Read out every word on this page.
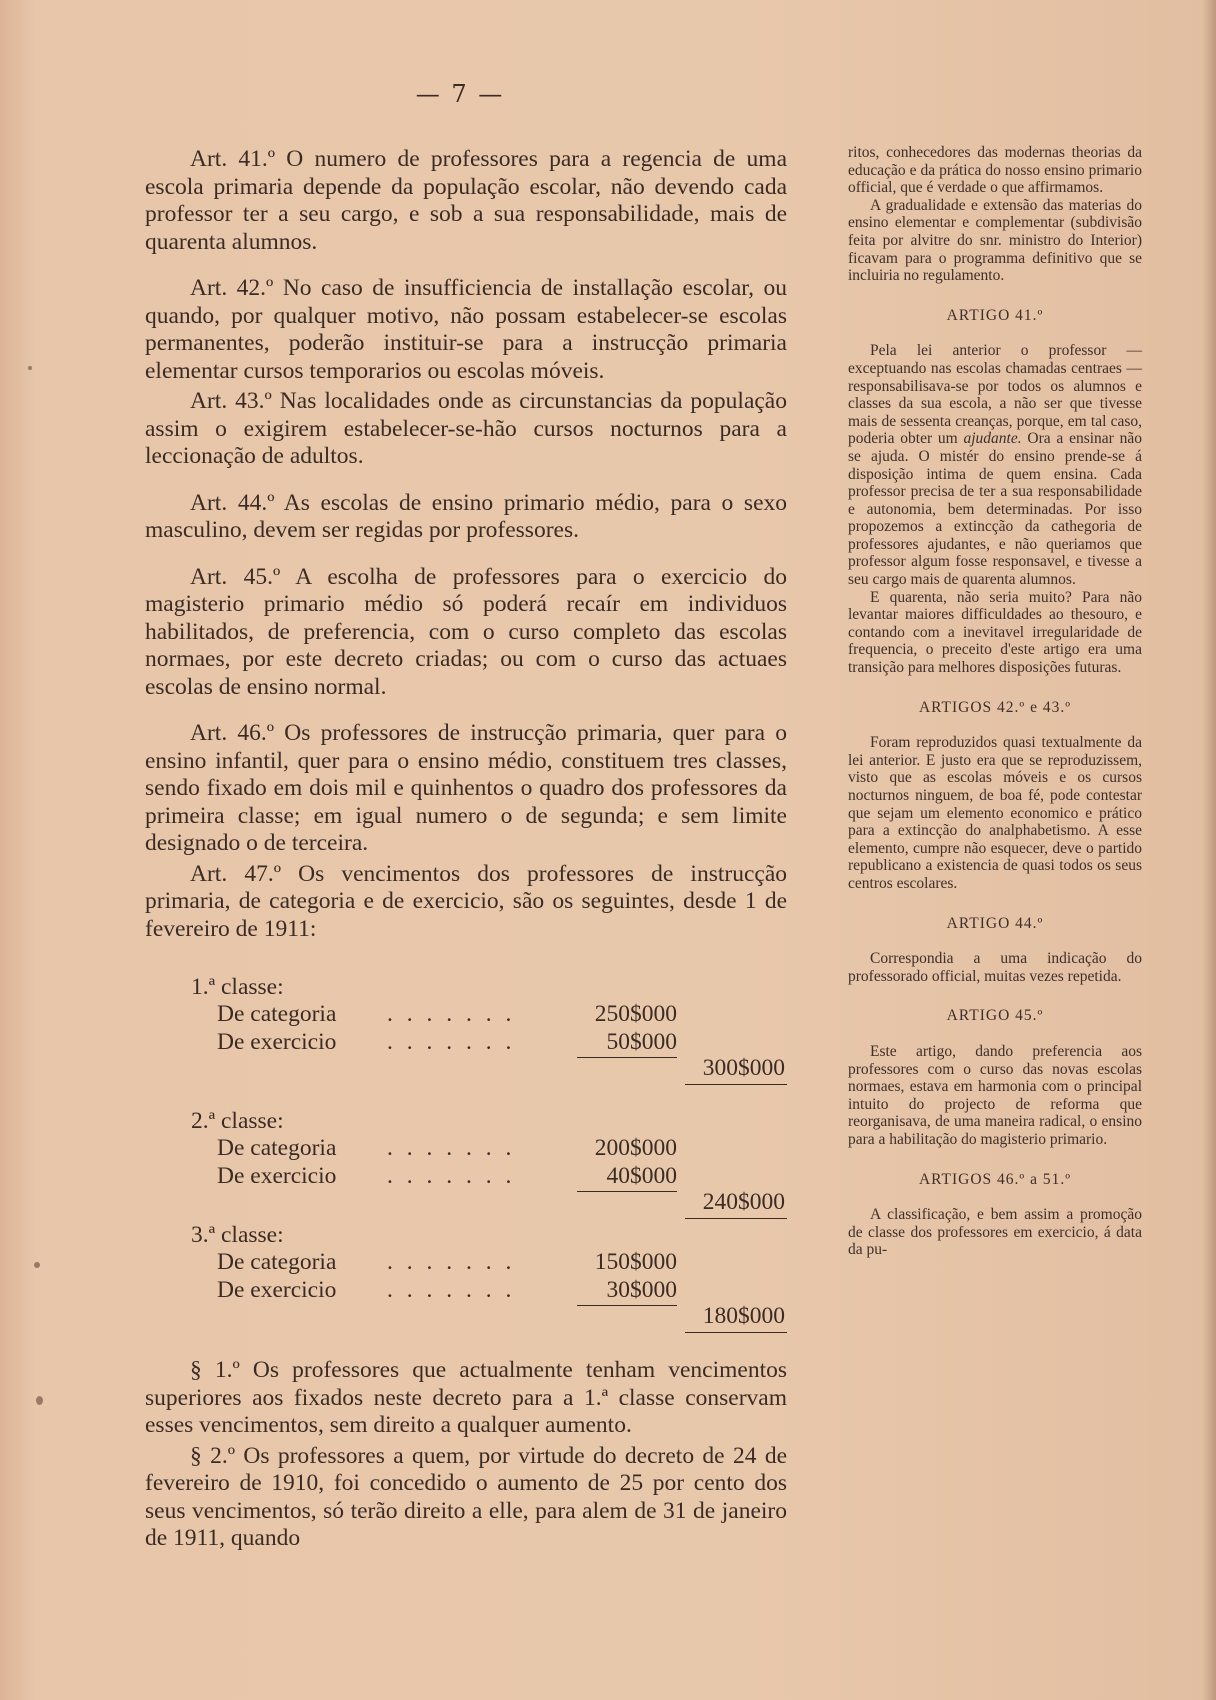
— 7 —

Art. 41.º O numero de professores para a regencia de uma escola primaria depende da população escolar, não devendo cada professor ter a seu cargo, e sob a sua responsabilidade, mais de quarenta alumnos.

Art. 42.º No caso de insufficiencia de installação escolar, ou quando, por qualquer motivo, não possam estabelecer-se escolas permanentes, poderão instituir-se para a instrucção primaria elementar cursos temporarios ou escolas móveis.

Art. 43.º Nas localidades onde as circunstancias da população assim o exigirem estabelecer-se-hão cursos nocturnos para a leccionação de adultos.

Art. 44.º As escolas de ensino primario médio, para o sexo masculino, devem ser regidas por professores.

Art. 45.º A escolha de professores para o exercicio do magisterio primario médio só poderá recaír em individuos habilitados, de preferencia, com o curso completo das escolas normaes, por este decreto criadas; ou com o curso das actuaes escolas de ensino normal.

Art. 46.º Os professores de instrucção primaria, quer para o ensino infantil, quer para o ensino médio, constituem tres classes, sendo fixado em dois mil e quinhentos o quadro dos professores da primeira classe; em igual numero o de segunda; e sem limite designado o de terceira.

Art. 47.º Os vencimentos dos professores de instrucção primaria, de categoria e de exercicio, são os seguintes, desde 1 de fevereiro de 1911:

1.ª classe:
De categoria . . . . . . .	250$000
De exercicio . . . . . . .	50$000
300$000
2.ª classe:
De categoria . . . . . . .	200$000
De exercicio . . . . . . .	40$000
240$000
3.ª classe:
De categoria . . . . . . .	150$000
De exercicio . . . . . . .	30$000
180$000

§ 1.º Os professores que actualmente tenham vencimentos superiores aos fixados neste decreto para a 1.ª classe conservam esses vencimentos, sem direito a qualquer aumento.

§ 2.º Os professores a quem, por virtude do decreto de 24 de fevereiro de 1910, foi concedido o aumento de 25 por cento dos seus vencimentos, só terão direito a elle, para alem de 31 de janeiro de 1911, quando

ritos, conhecedores das modernas theorias da educação e da prática do nosso ensino primario official, que é verdade o que affirmamos.

A gradualidade e extensão das materias do ensino elementar e complementar (subdivisão feita por alvitre do snr. ministro do Interior) ficavam para o programma definitivo que se incluiria no regulamento.

ARTIGO 41.º

Pela lei anterior o professor — exceptuando nas escolas chamadas centraes — responsabilisava-se por todos os alumnos e classes da sua escola, a não ser que tivesse mais de sessenta creanças, porque, em tal caso, poderia obter um ajudante. Ora a ensinar não se ajuda. O mistér do ensino prende-se á disposição intima de quem ensina. Cada professor precisa de ter a sua responsabilidade e autonomia, bem determinadas. Por isso propozemos a extincção da cathegoria de professores ajudantes, e não queriamos que professor algum fosse responsavel, e tivesse a seu cargo mais de quarenta alumnos.

E quarenta, não seria muito? Para não levantar maiores difficuldades ao thesouro, e contando com a inevitavel irregularidade de frequencia, o preceito d'este artigo era uma transição para melhores disposições futuras.

ARTIGOS 42.º e 43.º

Foram reproduzidos quasi textualmente da lei anterior. E justo era que se reproduzissem, visto que as escolas móveis e os cursos nocturnos ninguem, de boa fé, pode contestar que sejam um elemento economico e prático para a extincção do analphabetismo. A esse elemento, cumpre não esquecer, deve o partido republicano a existencia de quasi todos os seus centros escolares.

ARTIGO 44.º

Correspondia a uma indicação do professorado official, muitas vezes repetida.

ARTIGO 45.º

Este artigo, dando preferencia aos professores com o curso das novas escolas normaes, estava em harmonia com o principal intuito do projecto de reforma que reorganisava, de uma maneira radical, o ensino para a habilitação do magisterio primario.

ARTIGOS 46.º a 51.º

A classificação, e bem assim a promoção de classe dos professores em exercicio, á data da pu-
